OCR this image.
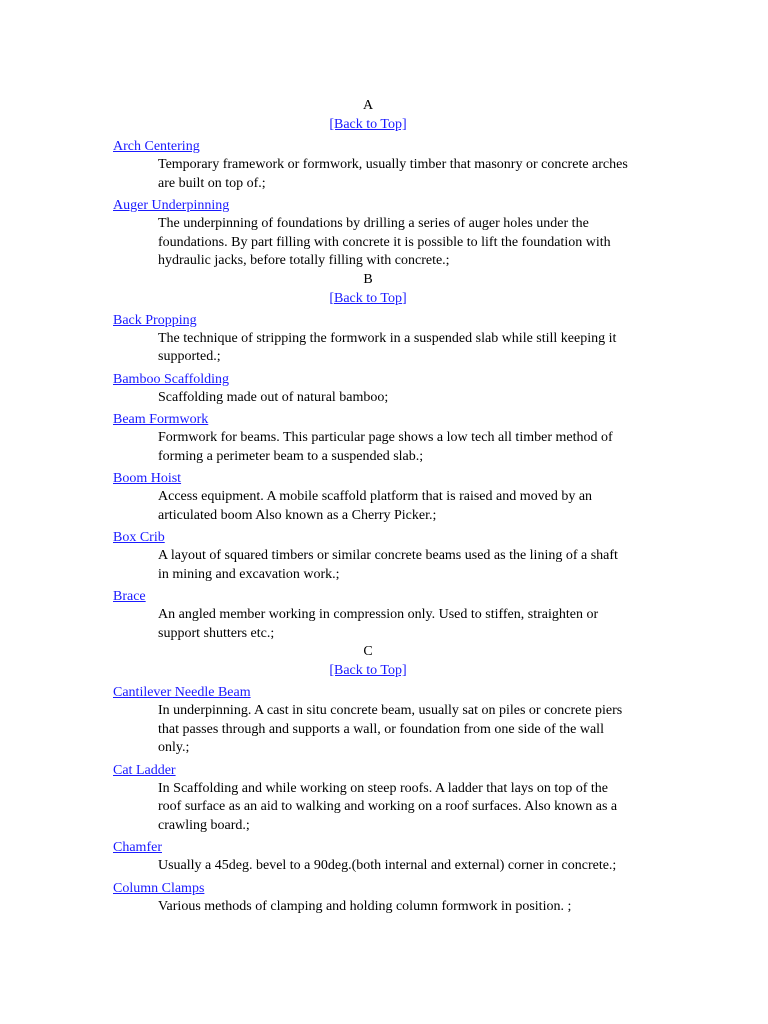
A
[Back to Top]
Arch Centering
Temporary framework or formwork, usually timber that masonry or concrete arches are built on top of.;
Auger Underpinning
The underpinning of foundations by drilling a series of auger holes under the foundations. By part filling with concrete it is possible to lift the foundation with hydraulic jacks, before totally filling with concrete.;
B
[Back to Top]
Back Propping
The technique of stripping the formwork in a suspended slab while still keeping it supported.;
Bamboo Scaffolding
Scaffolding made out of natural bamboo;
Beam Formwork
Formwork for beams. This particular page shows a low tech all timber method of forming a perimeter beam to a suspended slab.;
Boom Hoist
Access equipment. A mobile scaffold platform that is raised and moved by an articulated boom Also known as a Cherry Picker.;
Box Crib
A layout of squared timbers or similar concrete beams used as the lining of a shaft in mining and excavation work.;
Brace
An angled member working in compression only. Used to stiffen, straighten or support shutters etc.;
C
[Back to Top]
Cantilever Needle Beam
In underpinning. A cast in situ concrete beam, usually sat on piles or concrete piers that passes through and supports a wall, or foundation from one side of the wall only.;
Cat Ladder
In Scaffolding and while working on steep roofs. A ladder that lays on top of the roof surface as an aid to walking and working on a roof surfaces. Also known as a crawling board.;
Chamfer
Usually a 45deg. bevel to a 90deg.(both internal and external) corner in concrete.;
Column Clamps
Various methods of clamping and holding column formwork in position. ;
